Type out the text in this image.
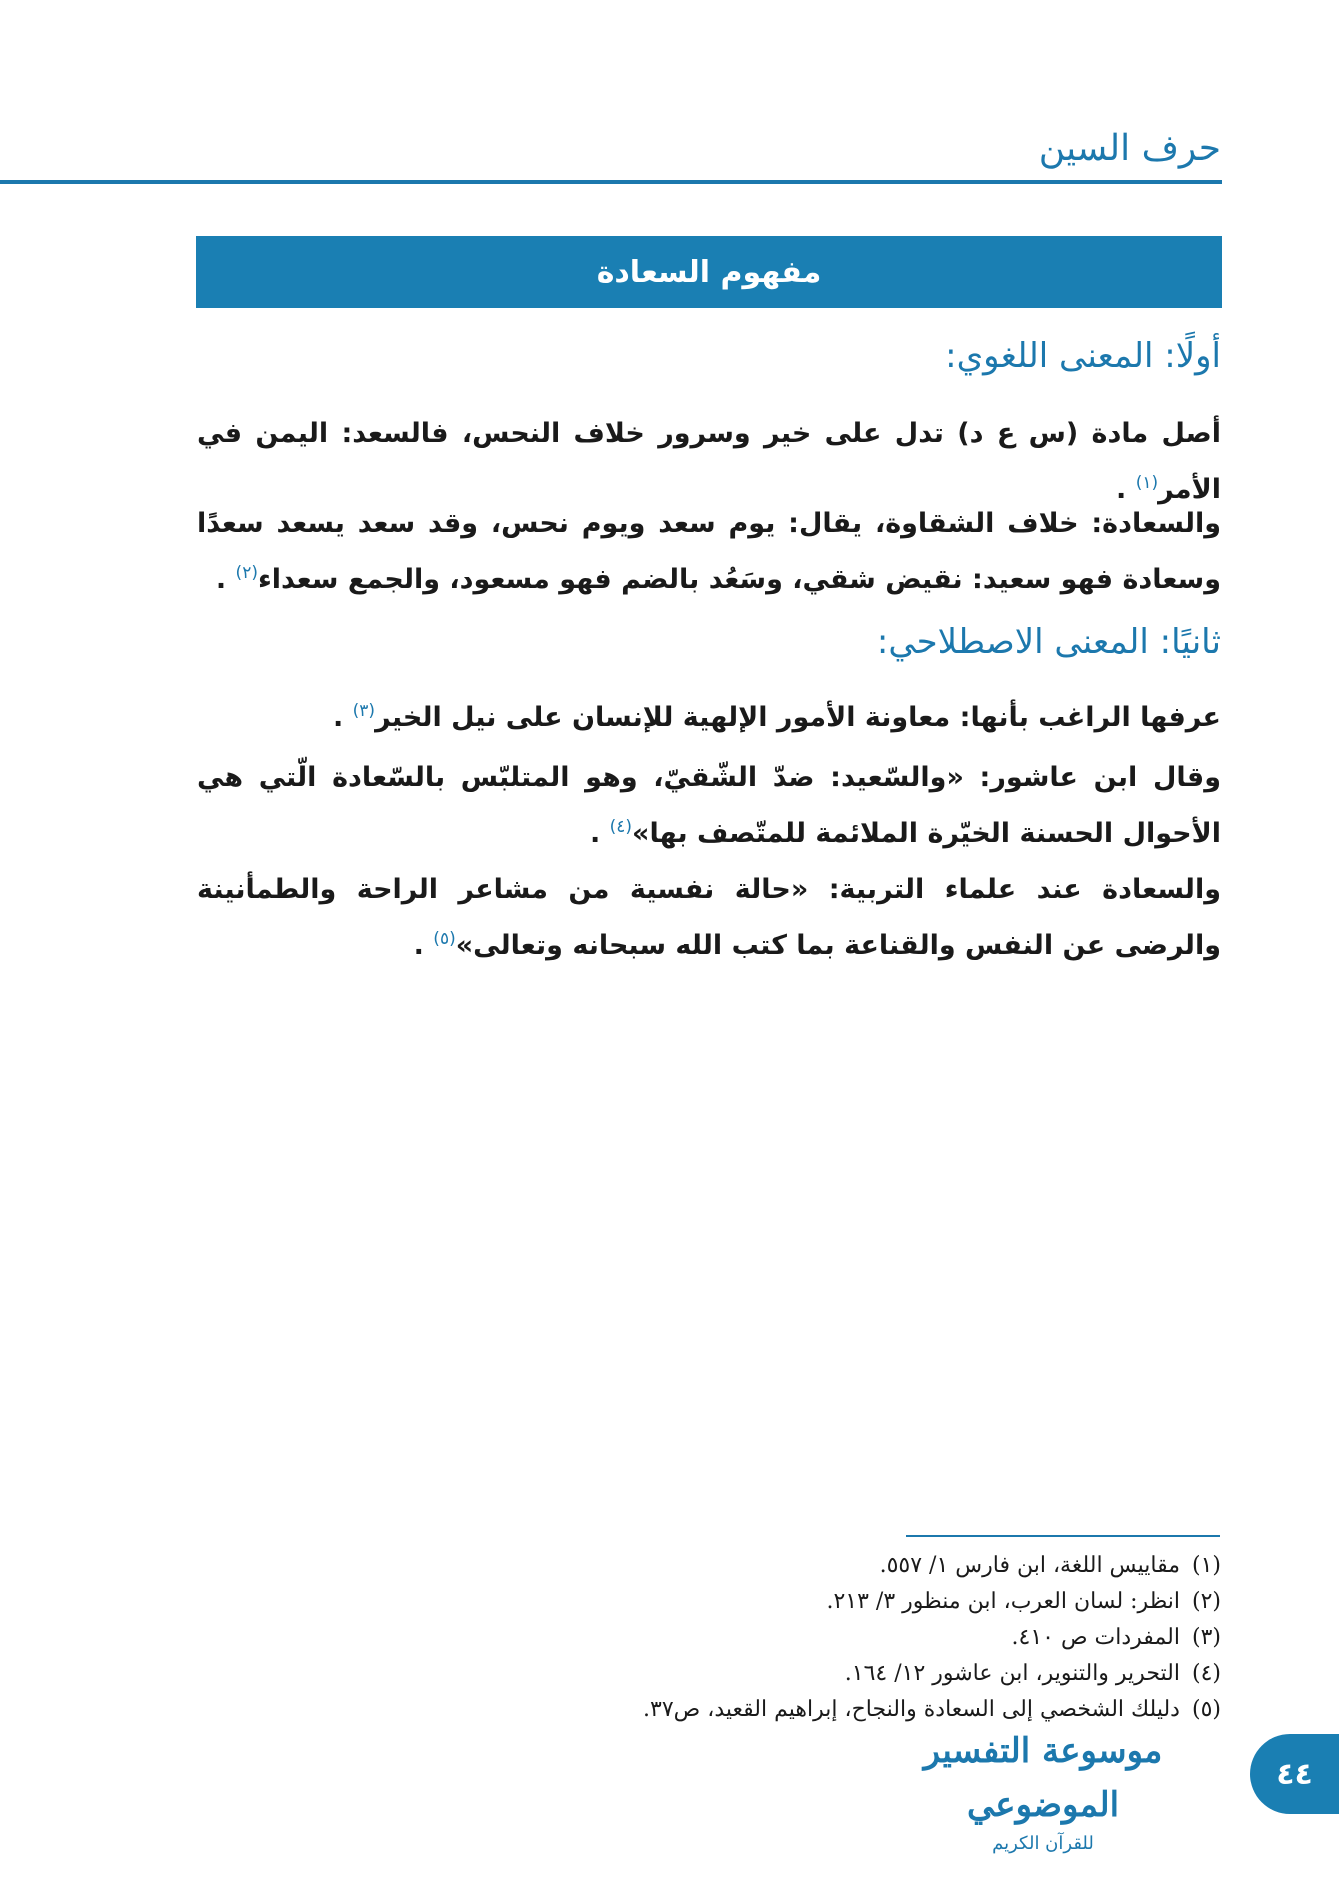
حرف السين
مفهوم السعادة
أولًا: المعنى اللغوي:

أصل مادة (س ع د) تدل على خير وسرور خلاف النحس، فالسعد: اليمن في الأمر$^{(١)}$ .

والسعادة: خلاف الشقاوة، يقال: يوم سعد ويوم نحس، وقد سعد يسعد سعدًا وسعادة فهو سعيد: نقيض شقي، وسَعُد بالضم فهو مسعود، والجمع سعداء$^{(٢)}$ .

ثانيًا: المعنى الاصطلاحي:

عرفها الراغب بأنها: معاونة الأمور الإلهية للإنسان على نيل الخير$^{(٣)}$ .

وقال ابن عاشور: «والسّعيد: ضدّ الشّقيّ، وهو المتلبّس بالسّعادة الّتي هي الأحوال الحسنة الخيّرة الملائمة للمتّصف بها»$^{(٤)}$ .

والسعادة عند علماء التربية: «حالة نفسية من مشاعر الراحة والطمأنينة والرضى عن النفس والقناعة بما كتب الله سبحانه وتعالى»$^{(٥)}$ .

(١)مقاييس اللغة، ابن فارس ١/ ٥٥٧.
(٢)انظر: لسان العرب، ابن منظور ٣/ ٢١٣.
(٣)المفردات ص ٤١٠.
(٤)التحرير والتنوير، ابن عاشور ١٢/ ١٦٤.
(٥)دليلك الشخصي إلى السعادة والنجاح، إبراهيم القعيد، ص٣٧.
موسوعة التفسير الموضوعي
للقرآن الكريم
٤٤
